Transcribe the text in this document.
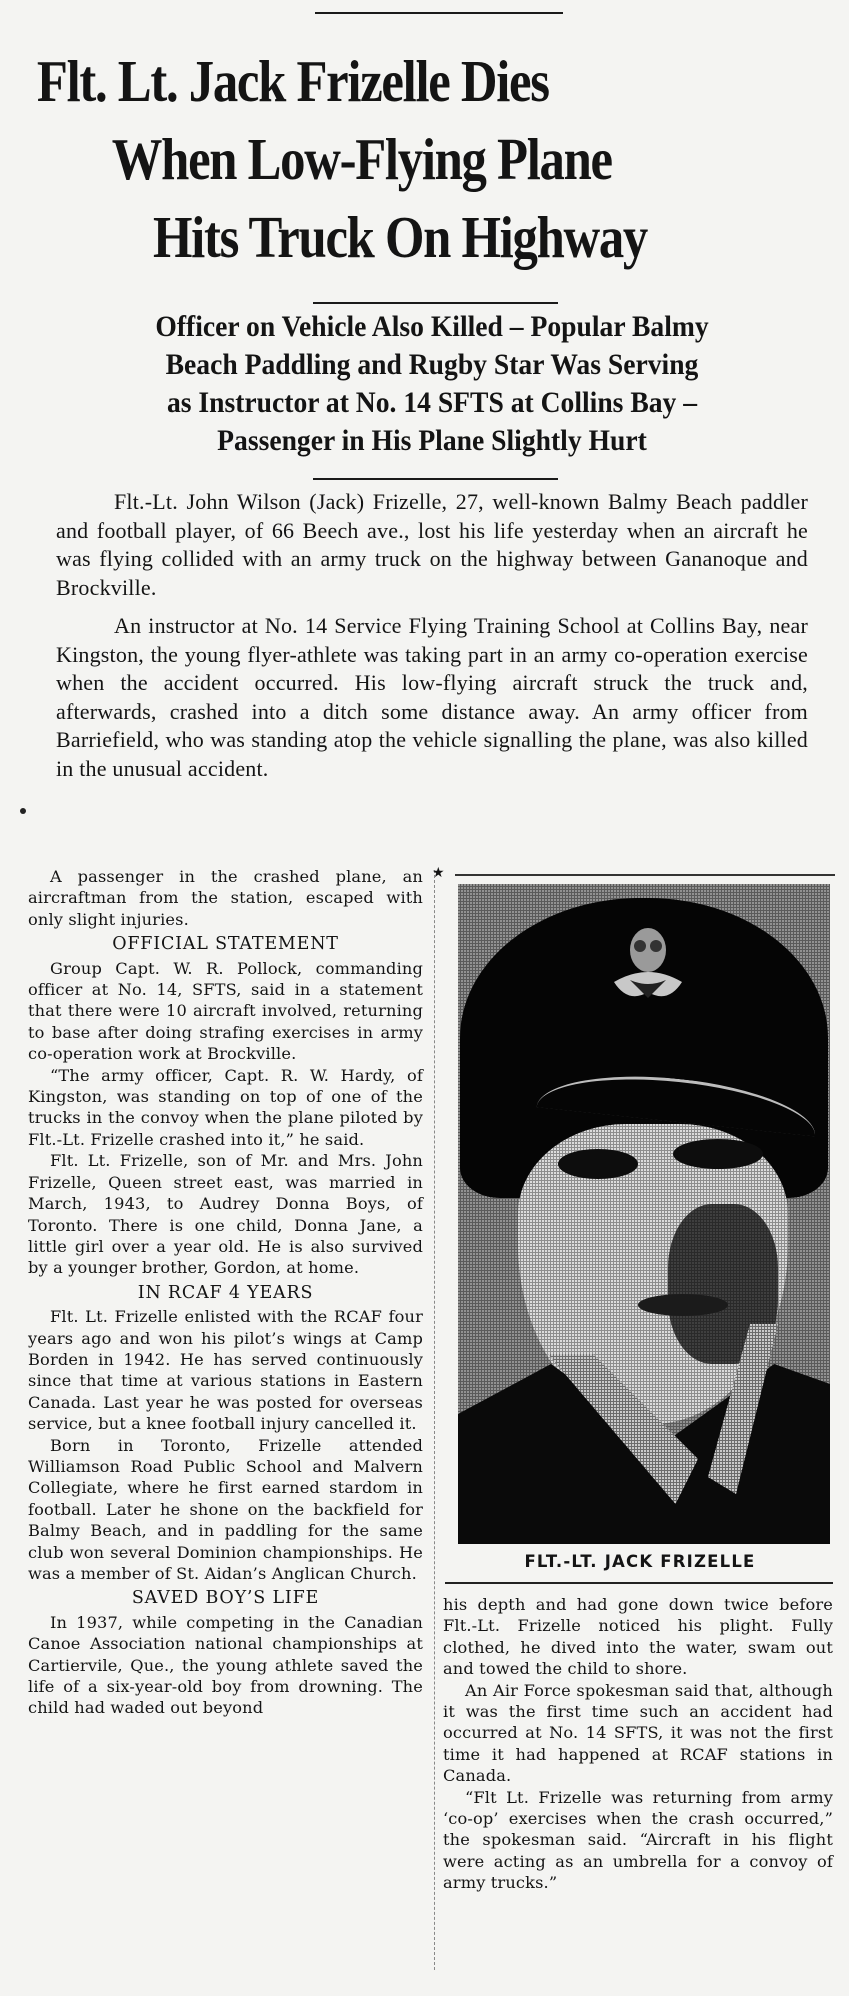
Flt. Lt. Jack Frizelle Dies
When Low-Flying Plane
Hits Truck On Highway
Officer on Vehicle Also Killed – Popular Balmy
Beach Paddling and Rugby Star Was Serving
as Instructor at No. 14 SFTS at Collins Bay –
Passenger in His Plane Slightly Hurt

Flt.-Lt. John Wilson (Jack) Frizelle, 27, well-known Balmy Beach paddler and football player, of 66 Beech ave., lost his life yesterday when an aircraft he was flying collided with an army truck on the highway between Gananoque and Brockville.

An instructor at No. 14 Service Flying Training School at Collins Bay, near Kingston, the young flyer-athlete was taking part in an army co-operation exercise when the accident occurred. His low-flying aircraft struck the truck and, afterwards, crashed into a ditch some distance away. An army officer from Barriefield, who was standing atop the vehicle signalling the plane, was also killed in the unusual accident.

A passenger in the crashed plane, an aircraftman from the station, escaped with only slight injuries.

OFFICIAL STATEMENT

Group Capt. W. R. Pollock, commanding officer at No. 14, SFTS, said in a statement that there were 10 aircraft involved, returning to base after doing strafing exercises in army co-operation work at Brockville.

“The army officer, Capt. R. W. Hardy, of Kingston, was standing on top of one of the trucks in the convoy when the plane piloted by Flt.-Lt. Frizelle crashed into it,” he said.

Flt. Lt. Frizelle, son of Mr. and Mrs. John Frizelle, Queen street east, was married in March, 1943, to Audrey Donna Boys, of Toronto. There is one child, Donna Jane, a little girl over a year old. He is also survived by a younger brother, Gordon, at home.

IN RCAF 4 YEARS

Flt. Lt. Frizelle enlisted with the RCAF four years ago and won his pilot’s wings at Camp Borden in 1942. He has served continuously since that time at various stations in Eastern Canada. Last year he was posted for overseas service, but a knee football injury cancelled it.

Born in Toronto, Frizelle attended Williamson Road Public School and Malvern Collegiate, where he first earned stardom in football. Later he shone on the backfield for Balmy Beach, and in paddling for the same club won several Dominion championships. He was a member of St. Aidan’s Anglican Church.

SAVED BOY’S LIFE

In 1937, while competing in the Canadian Canoe Association national championships at Cartiervile, Que., the young athlete saved the life of a six-year-old boy from drowning. The child had waded out beyond

★
FLT.-LT. JACK FRIZELLE

his depth and had gone down twice before Flt.-Lt. Frizelle noticed his plight. Fully clothed, he dived into the water, swam out and towed the child to shore.

An Air Force spokesman said that, although it was the first time such an accident had occurred at No. 14 SFTS, it was not the first time it had happened at RCAF stations in Canada.

“Flt Lt. Frizelle was returning from army ‘co-op’ exercises when the crash occurred,” the spokesman said. “Aircraft in his flight were acting as an umbrella for a convoy of army trucks.”
